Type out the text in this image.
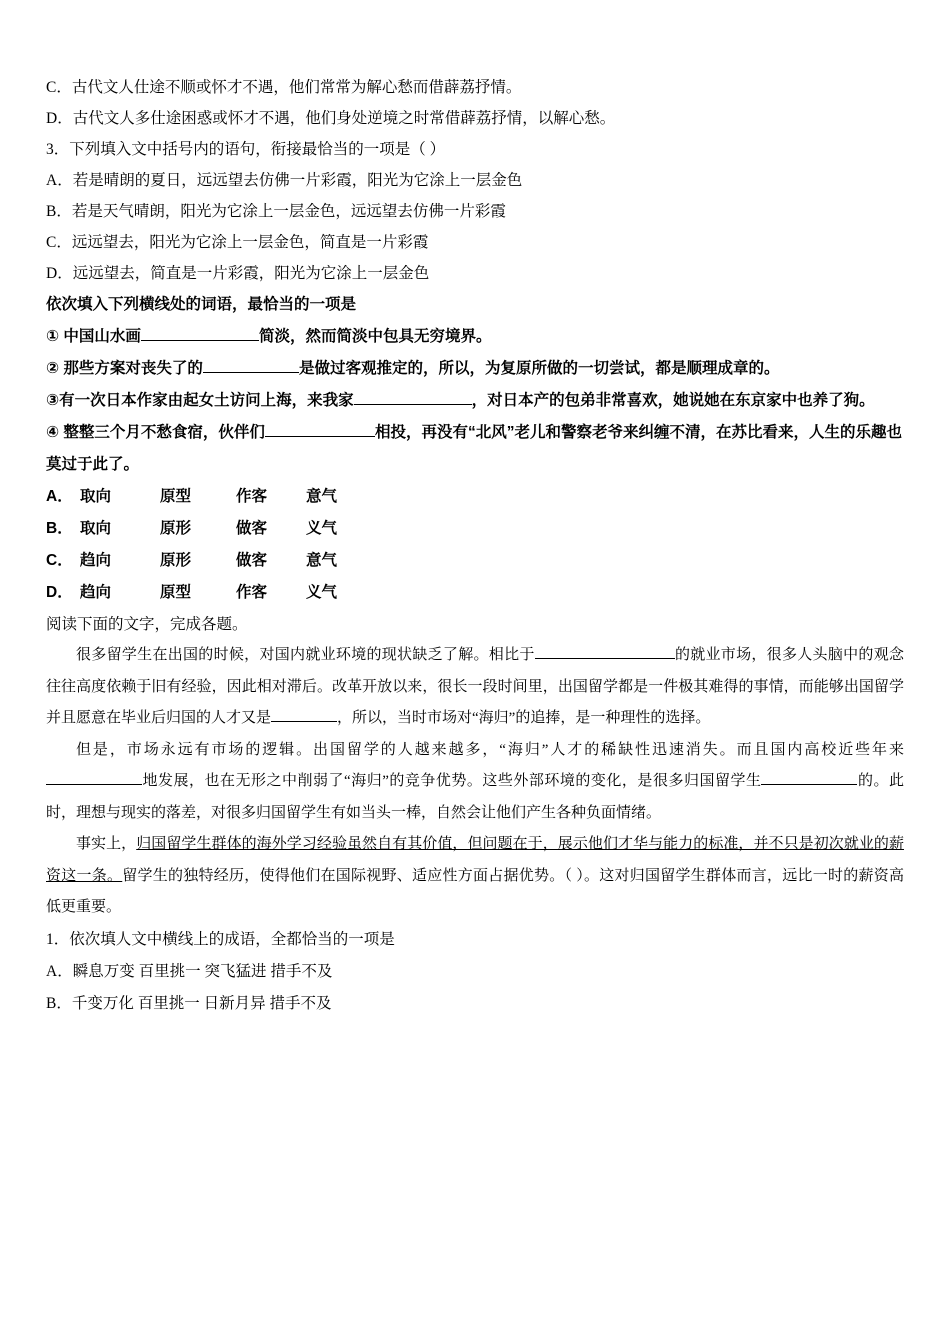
C．古代文人仕途不顺或怀才不遇，他们常常为解心愁而借薜荔抒情。
D．古代文人多仕途困惑或怀才不遇，他们身处逆境之时常借薜荔抒情，以解心愁。
3．下列填入文中括号内的语句，衔接最恰当的一项是（ ）
A．若是晴朗的夏日，远远望去仿佛一片彩霞，阳光为它涂上一层金色
B．若是天气晴朗，阳光为它涂上一层金色，远远望去仿佛一片彩霞
C．远远望去，阳光为它涂上一层金色，简直是一片彩霞
D．远远望去，简直是一片彩霞，阳光为它涂上一层金色
依次填入下列横线处的词语，最恰当的一项是
① 中国山水画	简淡，然而简淡中包具无穷境界。
② 那些方案对丧失了的	是做过客观推定的，所以，为复原所做的一切尝试，都是顺理成章的。
③有一次日本作家由起女土访问上海，来我家	，对日本产的包弟非常喜欢，她说她在东京家中也养了狗。
④ 整整三个月不愁食宿，伙伴们	相投，再没有“北风”老儿和警察老爷来纠缠不清，在苏比看来，人生的乐趣也莫过于此了。
A． 取向	原型	作客	意气
B． 取向	原形	做客	义气
C． 趋向	原形	做客	意气
D． 趋向	原型	作客	义气
阅读下面的文字，完成各题。
很多留学生在出国的时候，对国内就业环境的现状缺乏了解。相比于	的就业市场，很多人头脑中的观念往往高度依赖于旧有经验，因此相对滞后。改革开放以来，很长一段时间里，出国留学都是一件极其难得的事情，而能够出国留学并且愿意在毕业后归国的人才又是	，所以，当时市场对“海归”的追捧，是一种理性的选择。
但是，市场永远有市场的逻辑。出国留学的人越来越多，“海归”人才的稀缺性迅速消失。而且国内高校近些年来地发展，也在无形之中削弱了“海归”的竞争优势。这些外部环境的变化，是很多归国留学生	的。此时，理想与现实的落差，对很多归国留学生有如当头一棒，自然会让他们产生各种负面情绪。
事实上，归国留学生群体的海外学习经验虽然自有其价值，但问题在于，展示他们才华与能力的标准，并不只是初次就业的薪资这一条。留学生的独特经历，使得他们在国际视野、适应性方面占据优势。（ ）。这对归国留学生群体而言，远比一时的薪资高低更重要。
1．依次填人文中横线上的成语，全都恰当的一项是
A．瞬息万变 百里挑一 突飞猛进 措手不及
B．千变万化 百里挑一 日新月异 措手不及
